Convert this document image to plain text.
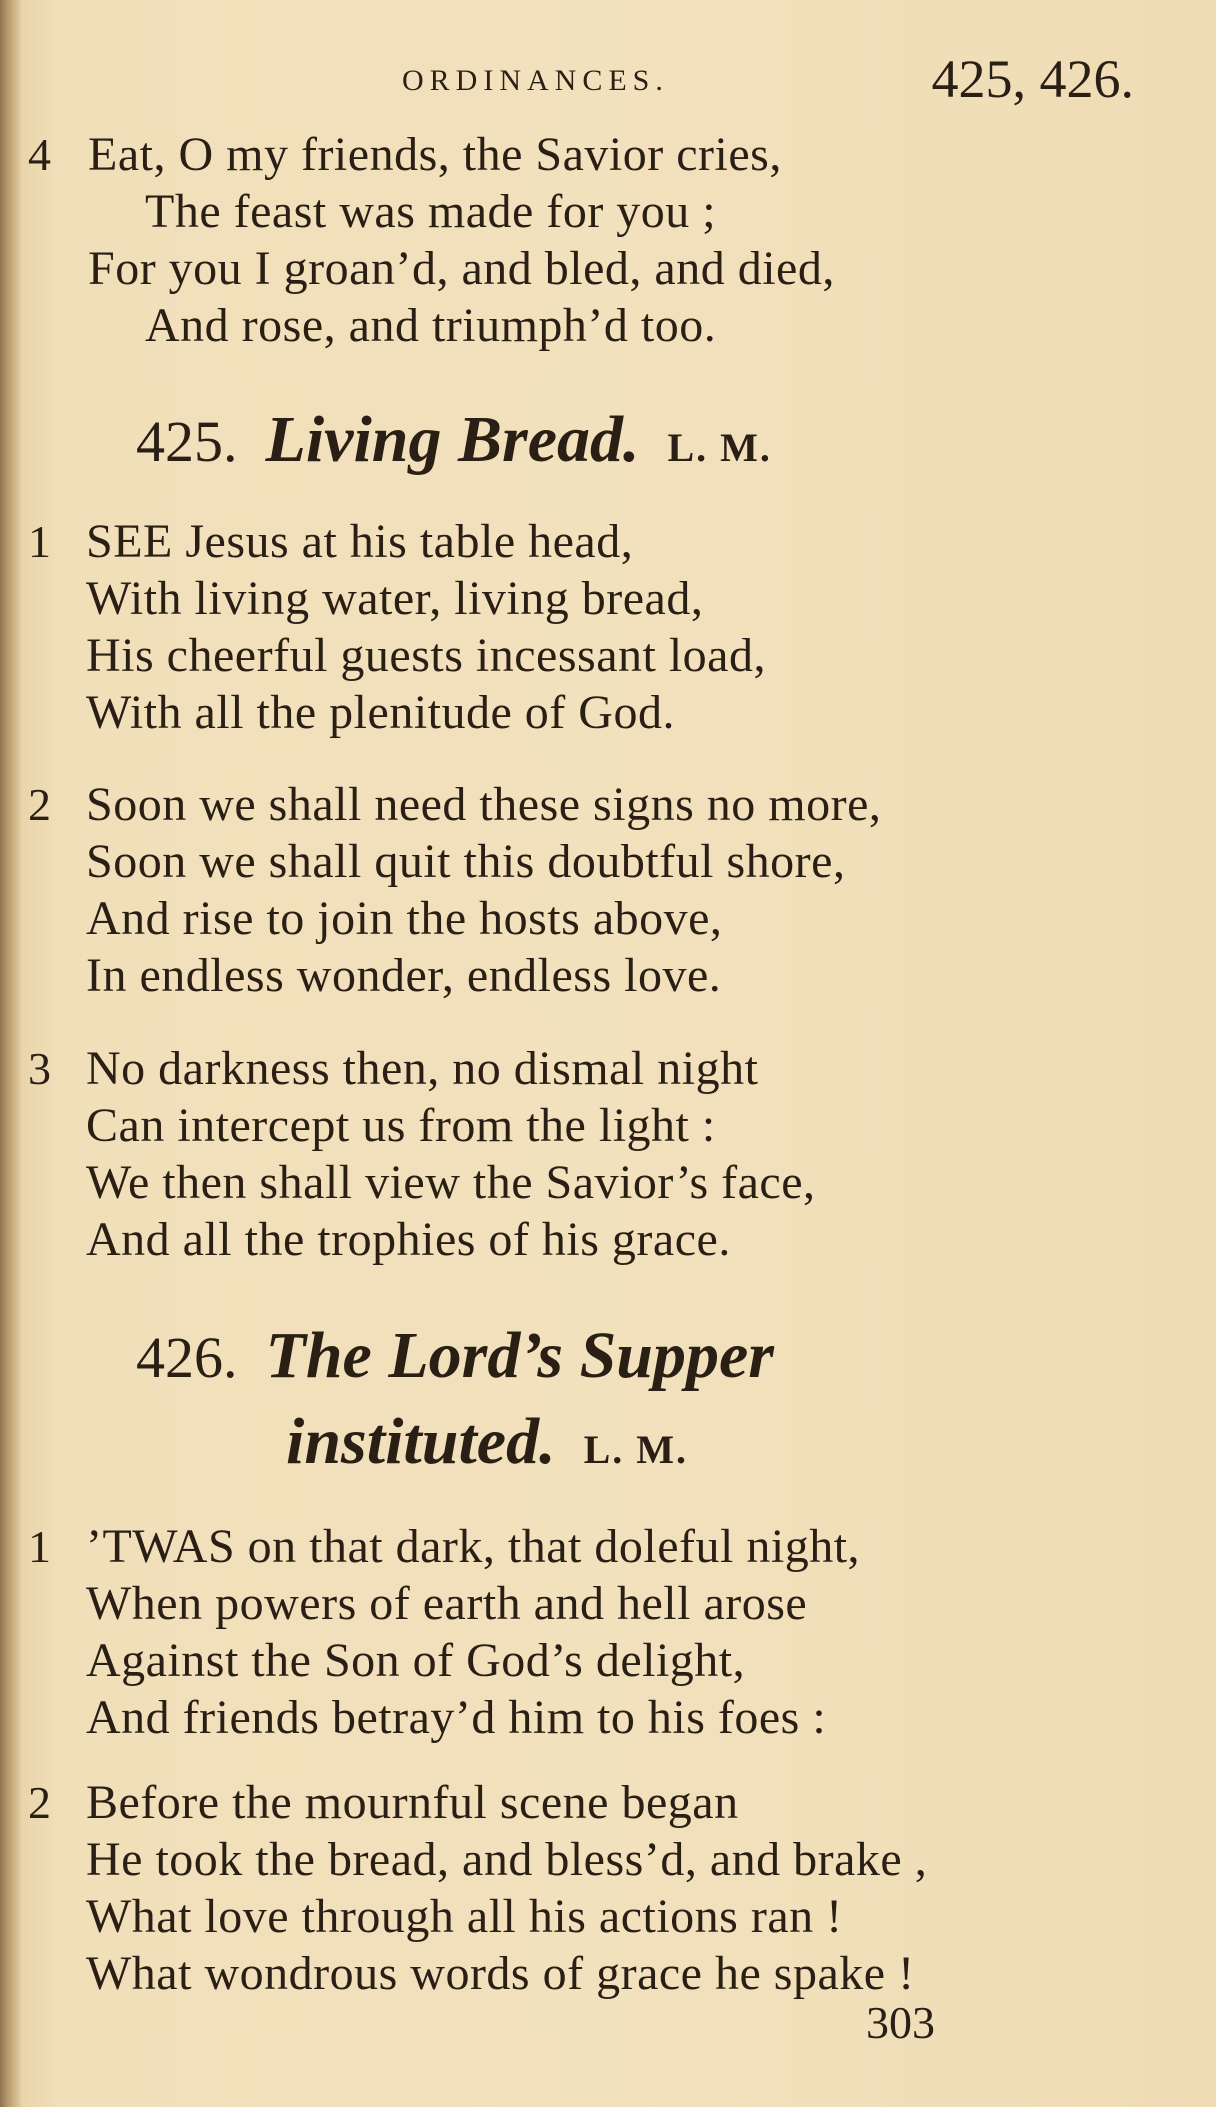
ORDINANCES.	425, 426.

4 Eat, O my friends, the Savior cries,
The feast was made for you ;
For you I groan’d, and bled, and died,
And rose, and triumph’d too.
425. Living Bread. L. M.
1 SEE Jesus at his table head,
With living water, living bread,
His cheerful guests incessant load,
With all the plenitude of God.
2 Soon we shall need these signs no more,
Soon we shall quit this doubtful shore,
And rise to join the hosts above,
In endless wonder, endless love.
3 No darkness then, no dismal night
Can intercept us from the light :
We then shall view the Savior’s face,
And all the trophies of his grace.
426. The Lord’s Supper
instituted. L. M.
1 ’TWAS on that dark, that doleful night,
When powers of earth and hell arose
Against the Son of God’s delight,
And friends betray’d him to his foes :
2 Before the mournful scene began
He took the bread, and bless’d, and brake ,
What love through all his actions ran !
What wondrous words of grace he spake !

303
